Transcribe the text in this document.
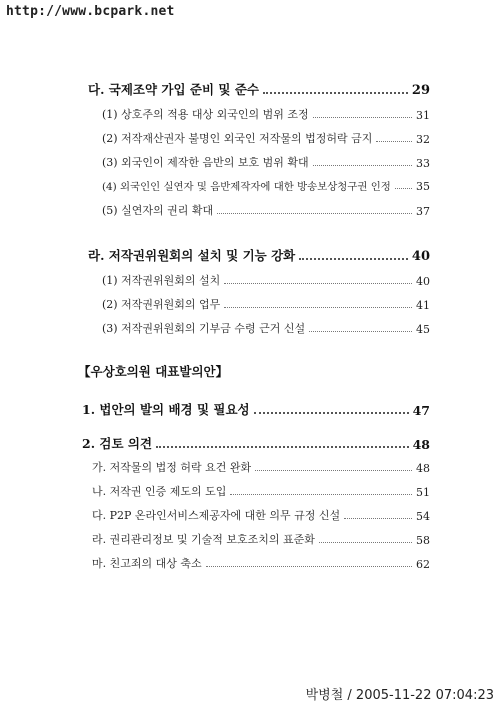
http://www.bcpark.net
다. 국제조약 가입 준비 및 준수	29
(1) 상호주의 적용 대상 외국인의 범위 조정	31
(2) 저작재산권자 불명인 외국인 저작물의 법정허락 금지	32
(3) 외국인이 제작한 음반의 보호 범위 확대	33
(4) 외국인인 실연자 및 음반제작자에 대한 방송보상청구권 인정 35
(5) 실연자의 권리 확대	37
라. 저작권위원회의 설치 및 기능 강화	40
(1) 저작권위원회의 설치	40
(2) 저작권위원회의 업무	41
(3) 저작권위원회의 기부금 수령 근거 신설	45
【우상호의원 대표발의안】
1. 법안의 발의 배경 및 필요성	47
2. 검토 의견	48
가. 저작물의 법정 허락 요건 완화	48
나. 저작권 인증 제도의 도입	51
다. P2P 온라인서비스제공자에 대한 의무 규정 신설	54
라. 권리관리정보 및 기술적 보호조치의 표준화	58
마. 친고죄의 대상 축소	62
박병철 / 2005-11-22 07:04:23
